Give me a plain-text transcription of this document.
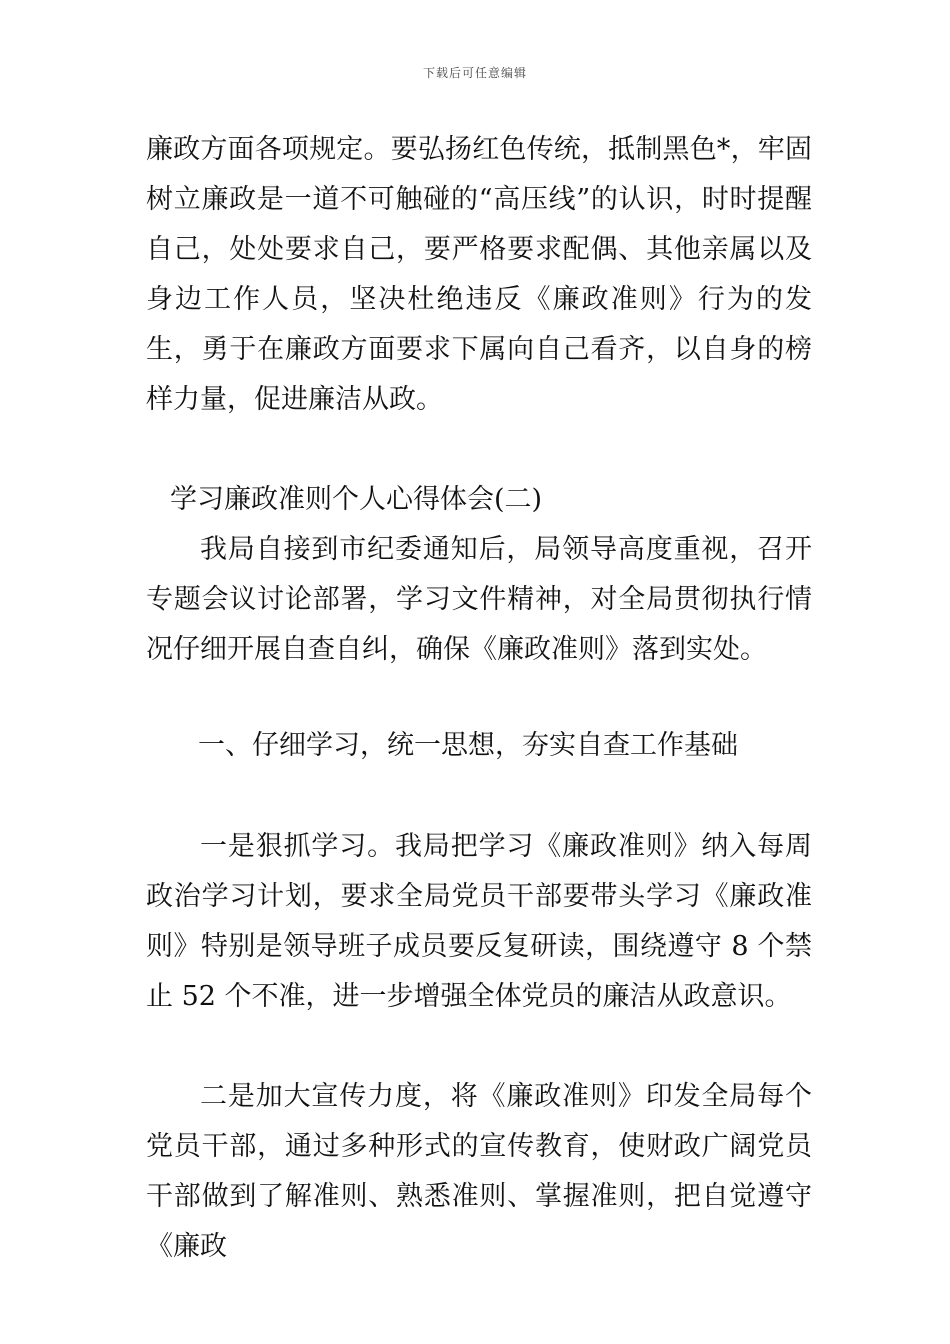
下载后可任意编辑

廉政方面各项规定。要弘扬红色传统，抵制黑色*，牢固树立廉政是一道不可触碰的“高压线”的认识，时时提醒自己，处处要求自己，要严格要求配偶、其他亲属以及身边工作人员，坚决杜绝违反《廉政准则》行为的发生，勇于在廉政方面要求下属向自己看齐，以自身的榜样力量，促进廉洁从政。

学习廉政准则个人心得体会(二)

我局自接到市纪委通知后，局领导高度重视，召开专题会议讨论部署，学习文件精神，对全局贯彻执行情况仔细开展自查自纠，确保《廉政准则》落到实处。

一、仔细学习，统一思想，夯实自查工作基础

一是狠抓学习。我局把学习《廉政准则》纳入每周政治学习计划，要求全局党员干部要带头学习《廉政准则》特别是领导班子成员要反复研读，围绕遵守 8 个禁止 52 个不准，进一步增强全体党员的廉洁从政意识。

二是加大宣传力度，将《廉政准则》印发全局每个党员干部，通过多种形式的宣传教育，使财政广阔党员干部做到了解准则、熟悉准则、掌握准则，把自觉遵守《廉政
